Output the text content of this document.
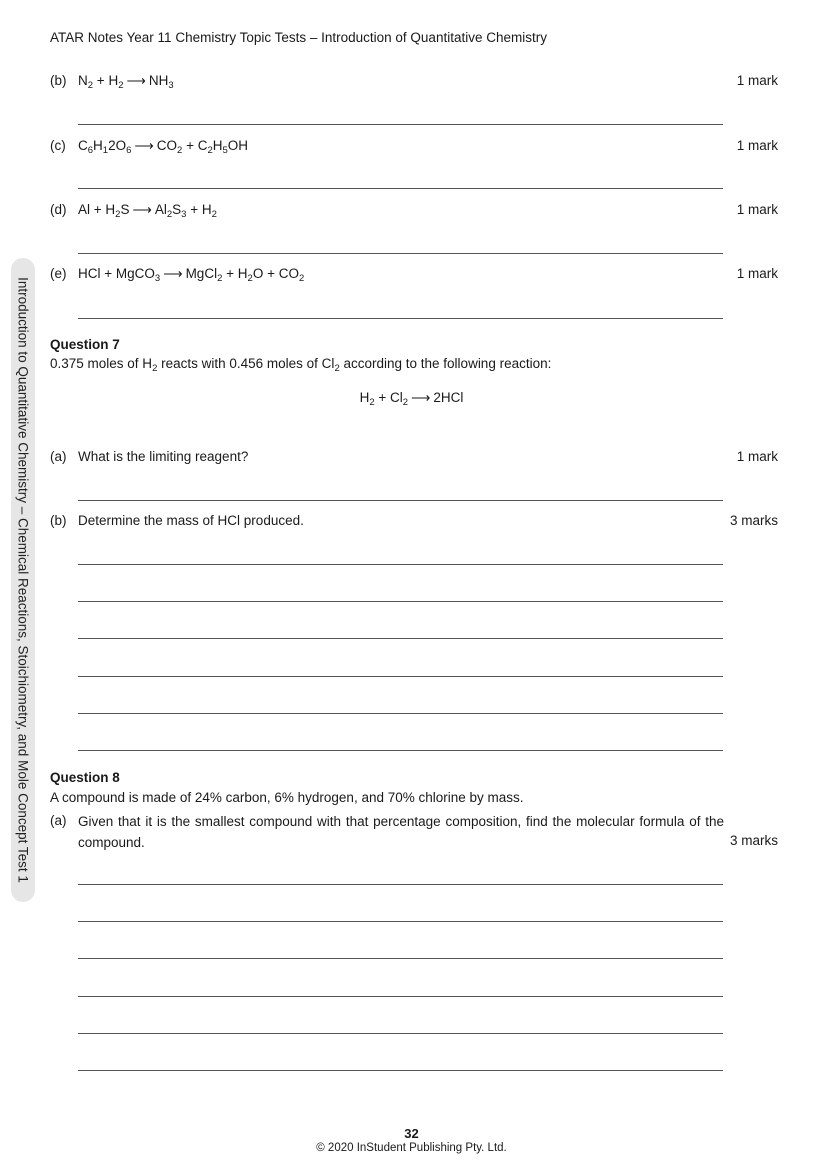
ATAR Notes Year 11 Chemistry Topic Tests – Introduction of Quantitative Chemistry
Introduction to Quantitative Chemistry – Chemical Reactions, Stoichiometry, and Mole Concept Test 1
(b) $N_2 + H_2$ ⟶ $NH_3$	1 mark
(c) $C_6H_12O_6$ ⟶ $CO_2 + C_2H_5OH$	1 mark
(d) $Al + H_2S$ ⟶ $Al_2S_3 + H_2$	1 mark
(e) HCl + MgCO$_3$ ⟶ MgCl$_2$ + $H_2O + CO_2$	1 mark
Question 7
0.375 moles of $H_2$ reacts with 0.456 moles of $Cl_2$ according to the following reaction:
$H_2 + Cl_2$ ⟶ 2HCl
(a) What is the limiting reagent?	1 mark
(b) Determine the mass of HCl produced.	3 marks
Question 8
A compound is made of 24% carbon, 6% hydrogen, and 70% chlorine by mass.
(a) Given that it is the smallest compound with that percentage composition, find the molecular formula of the compound.	3 marks
32
© 2020 InStudent Publishing Pty. Ltd.
